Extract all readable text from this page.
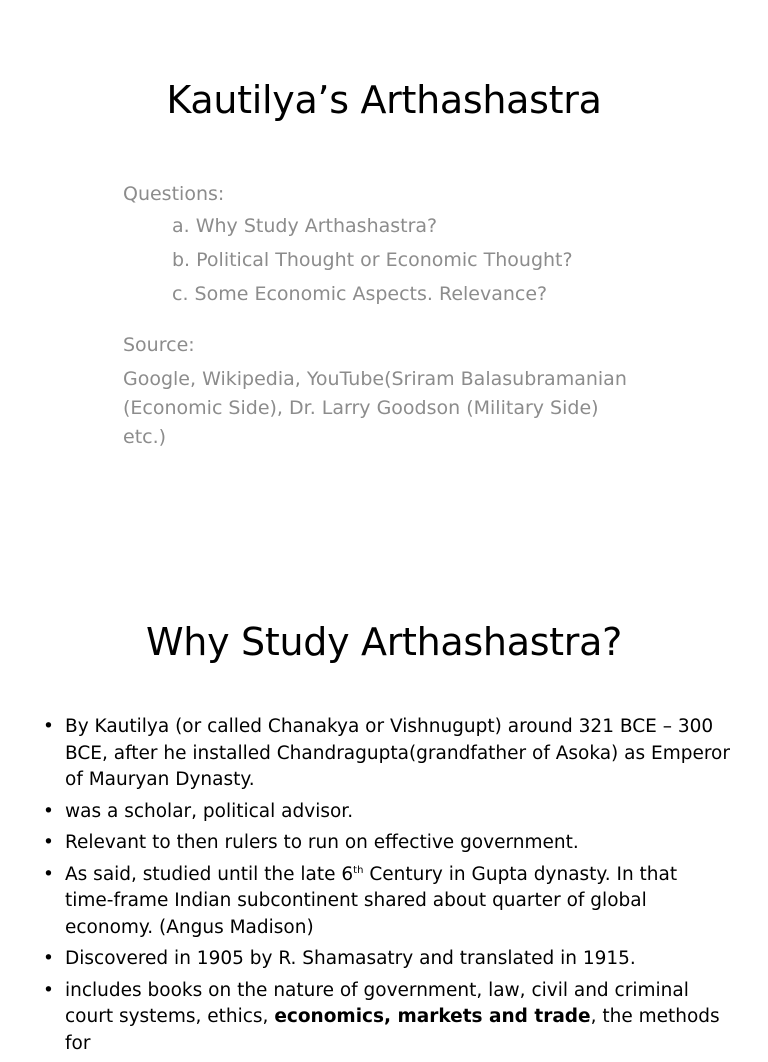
Kautilya’s Arthashastra
Questions:
a. Why Study Arthashastra?
b. Political Thought or Economic Thought?
c. Some Economic Aspects. Relevance?
Source:
Google, Wikipedia, YouTube(Sriram Balasubramanian
(Economic Side), Dr. Larry Goodson (Military Side)
etc.)
Why Study Arthashastra?
• By Kautilya (or called Chanakya or Vishnugupt) around 321 BCE – 300 BCE, after he installed Chandragupta(grandfather of Asoka) as Emperor of Mauryan Dynasty.
• was a scholar, political advisor.
• Relevant to then rulers to run on effective government.
• As said, studied until the late 6th Century in Gupta dynasty. In that time-frame Indian subcontinent shared about quarter of global economy. (Angus Madison)
• Discovered in 1905 by R. Shamasatry and translated in 1915.
• includes books on the nature of government, law, civil and criminal court systems, ethics, economics, markets and trade, the methods for
